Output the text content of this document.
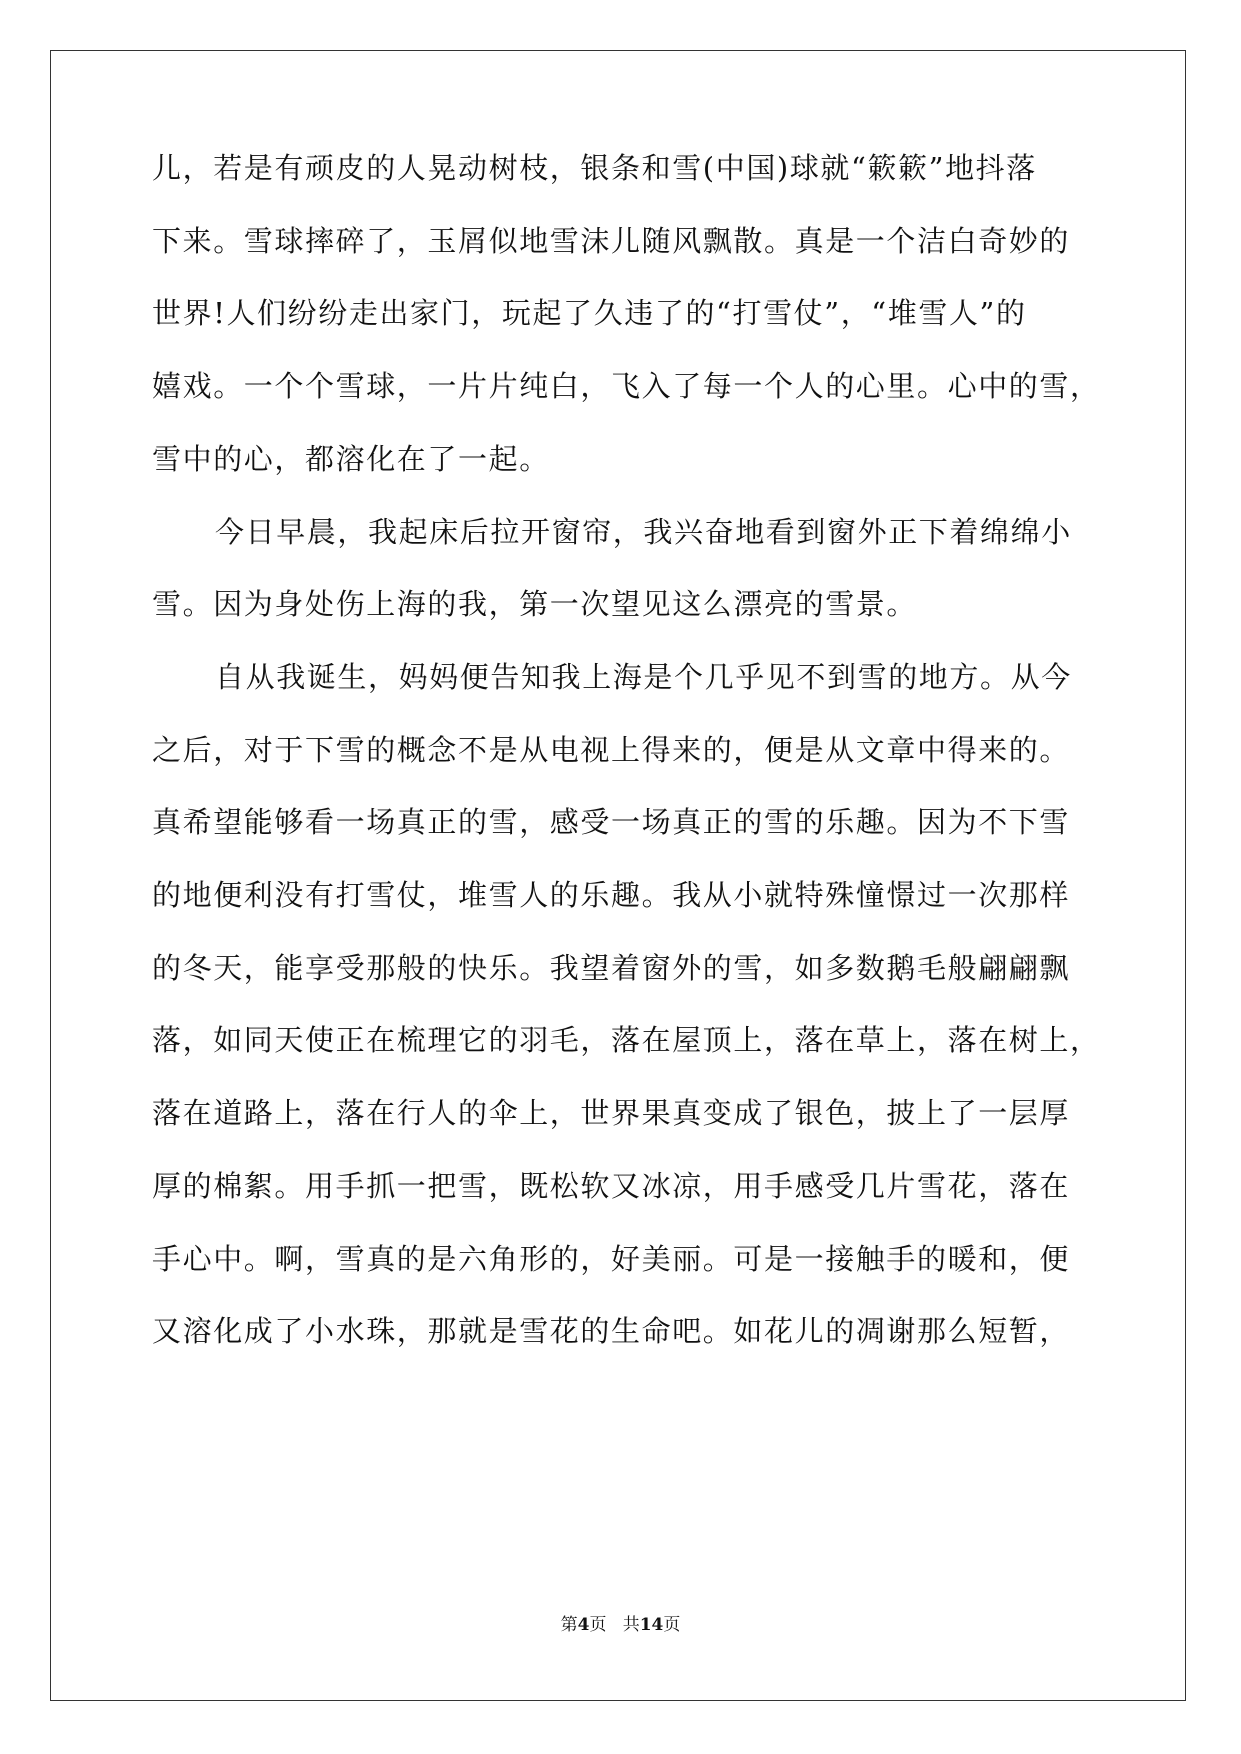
儿，若是有顽皮的人晃动树枝，银条和雪(中国)球就“簌簌”地抖落
下来。雪球摔碎了，玉屑似地雪沫儿随风飘散。真是一个洁白奇妙的
世界!人们纷纷走出家门，玩起了久违了的“打雪仗”，“堆雪人”的
嬉戏。一个个雪球，一片片纯白，飞入了每一个人的心里。心中的雪，
雪中的心，都溶化在了一起。
今日早晨，我起床后拉开窗帘，我兴奋地看到窗外正下着绵绵小
雪。因为身处伤上海的我，第一次望见这么漂亮的雪景。
自从我诞生，妈妈便告知我上海是个几乎见不到雪的地方。从今
之后，对于下雪的概念不是从电视上得来的，便是从文章中得来的。
真希望能够看一场真正的雪，感受一场真正的雪的乐趣。因为不下雪
的地便利没有打雪仗，堆雪人的乐趣。我从小就特殊憧憬过一次那样
的冬天，能享受那般的快乐。我望着窗外的雪，如多数鹅毛般翩翩飘
落，如同天使正在梳理它的羽毛，落在屋顶上，落在草上，落在树上，
落在道路上，落在行人的伞上，世界果真变成了银色，披上了一层厚
厚的棉絮。用手抓一把雪，既松软又冰凉，用手感受几片雪花，落在
手心中。啊，雪真的是六角形的，好美丽。可是一接触手的暖和，便
又溶化成了小水珠，那就是雪花的生命吧。如花儿的凋谢那么短暂，
第4页 共14页
